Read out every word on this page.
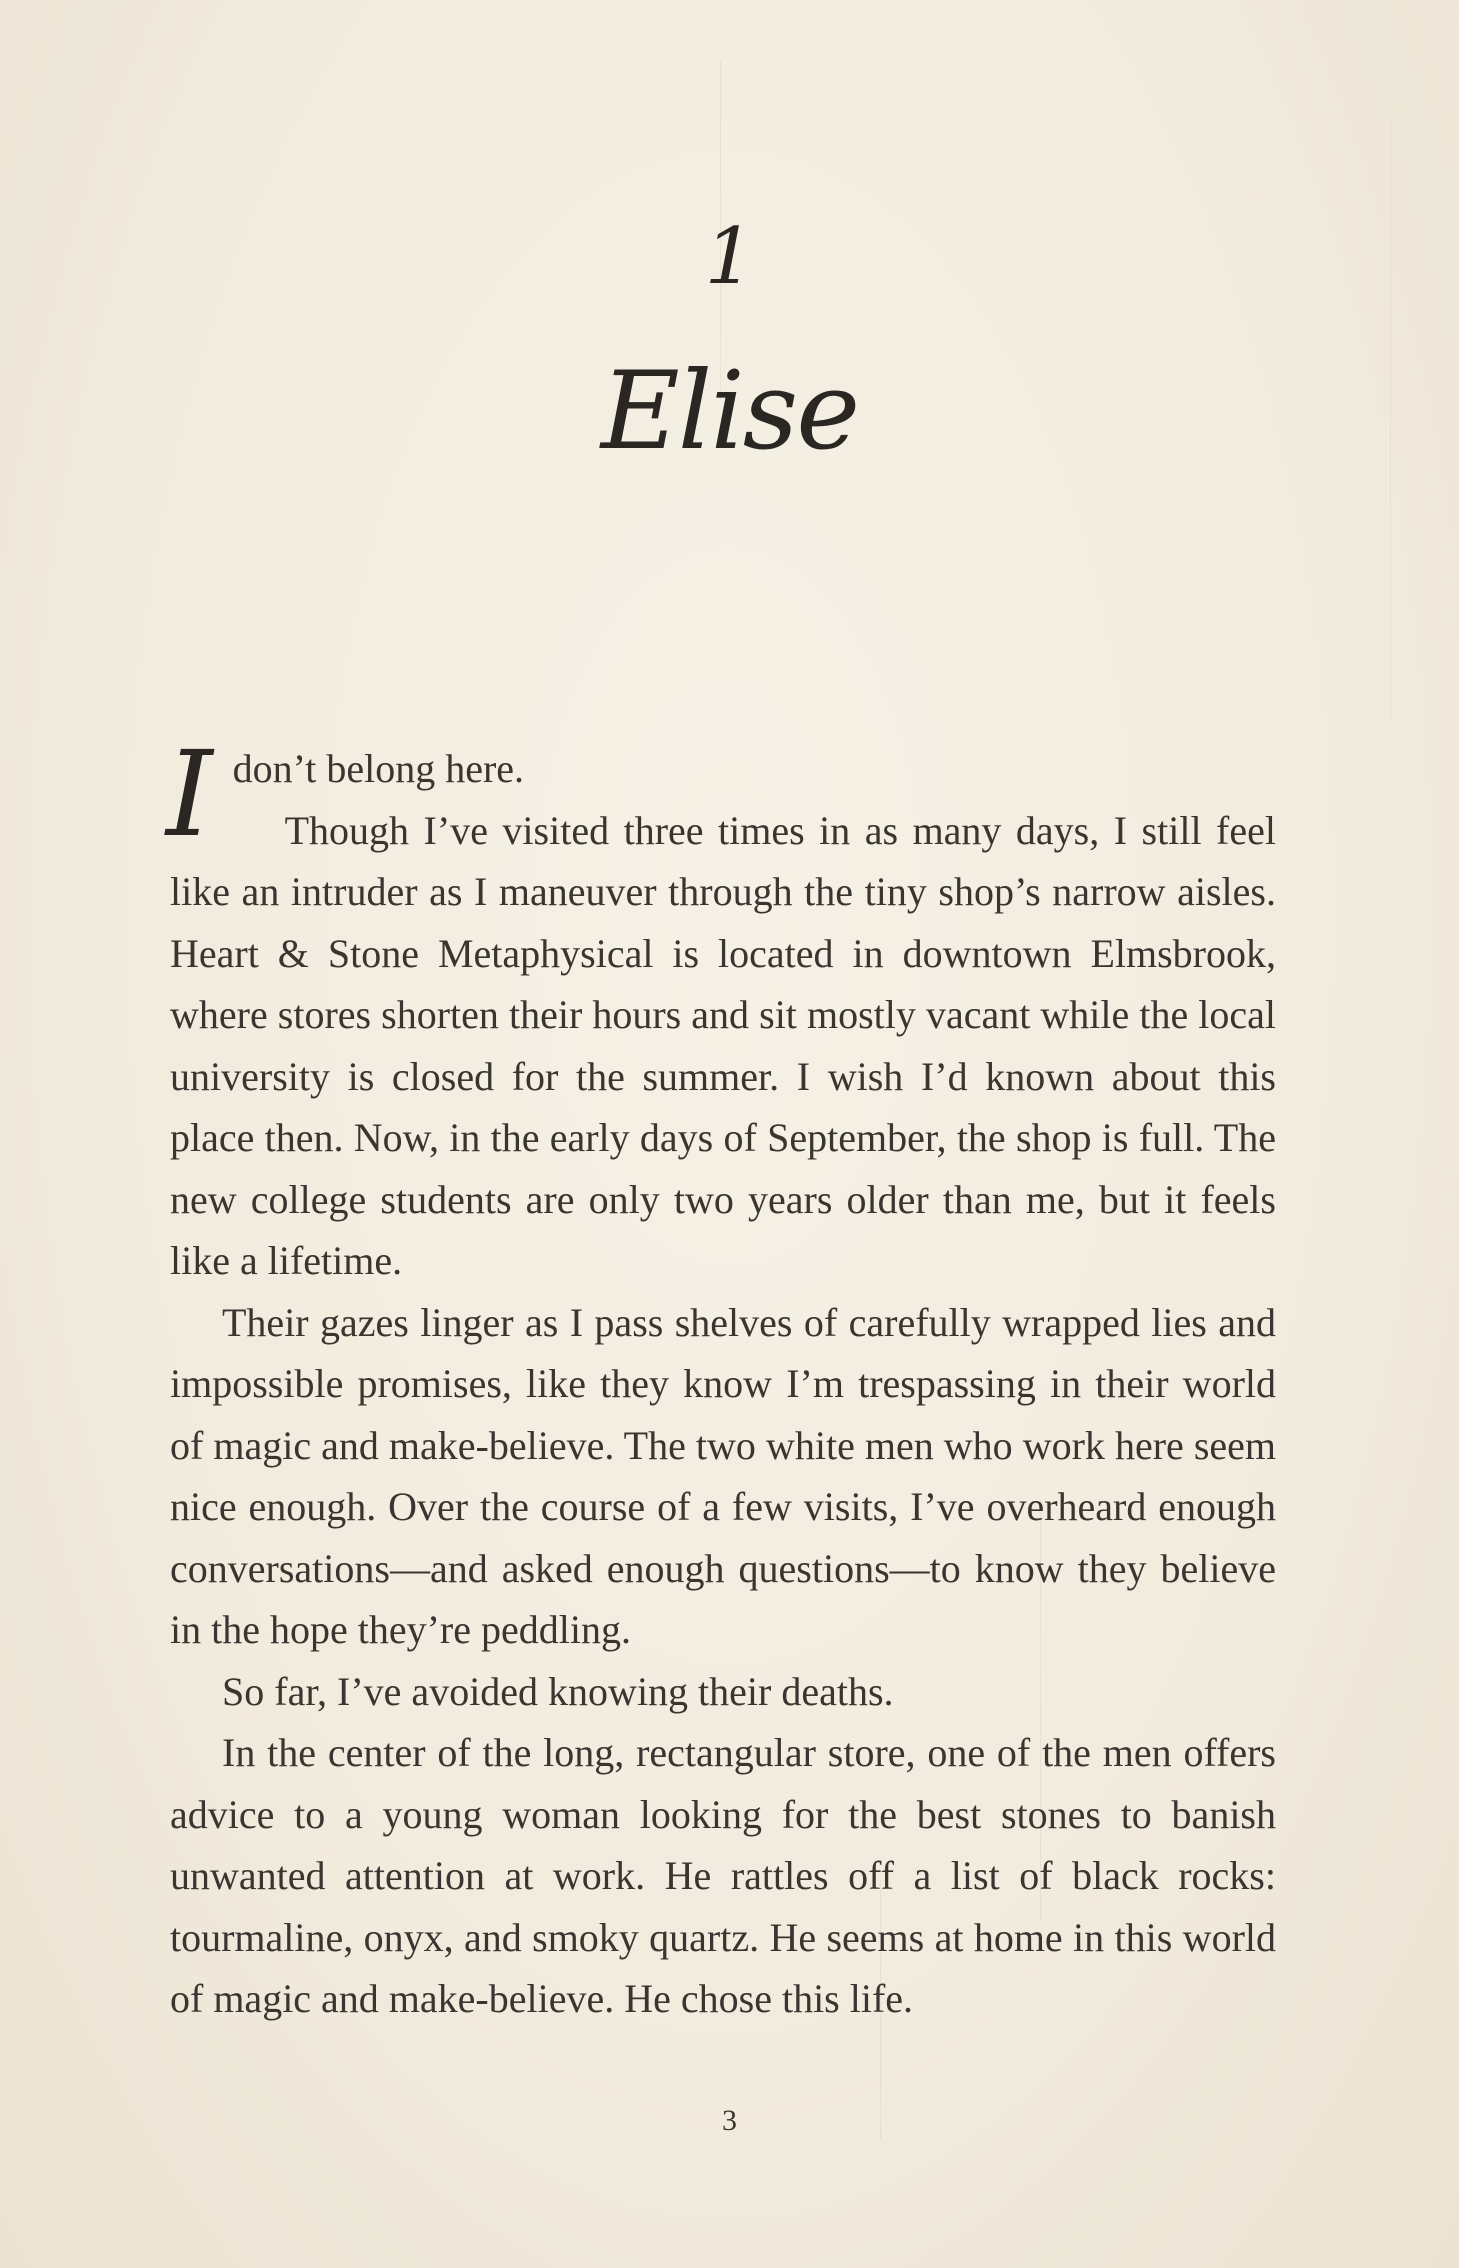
1
Elise

Idon’t belong here.

Though I’ve visited three times in as many days, I still feel like an intruder as I maneuver through the tiny shop’s narrow aisles. Heart & Stone Metaphysical is located in downtown Elmsbrook, where stores shorten their hours and sit mostly vacant while the local university is closed for the summer. I wish I’d known about this place then. Now, in the early days of September, the shop is full. The new college students are only two years older than me, but it feels like a lifetime.

Their gazes linger as I pass shelves of carefully wrapped lies and impossible promises, like they know I’m trespassing in their world of magic and make-believe. The two white men who work here seem nice enough. Over the course of a few visits, I’ve overheard enough conversations—and asked enough questions—to know they believe in the hope they’re peddling.

So far, I’ve avoided knowing their deaths.

In the center of the long, rectangular store, one of the men offers advice to a young woman looking for the best stones to banish unwanted attention at work. He rattles off a list of black rocks: tourmaline, onyx, and smoky quartz. He seems at home in this world of magic and make-believe. He chose this life.

3
